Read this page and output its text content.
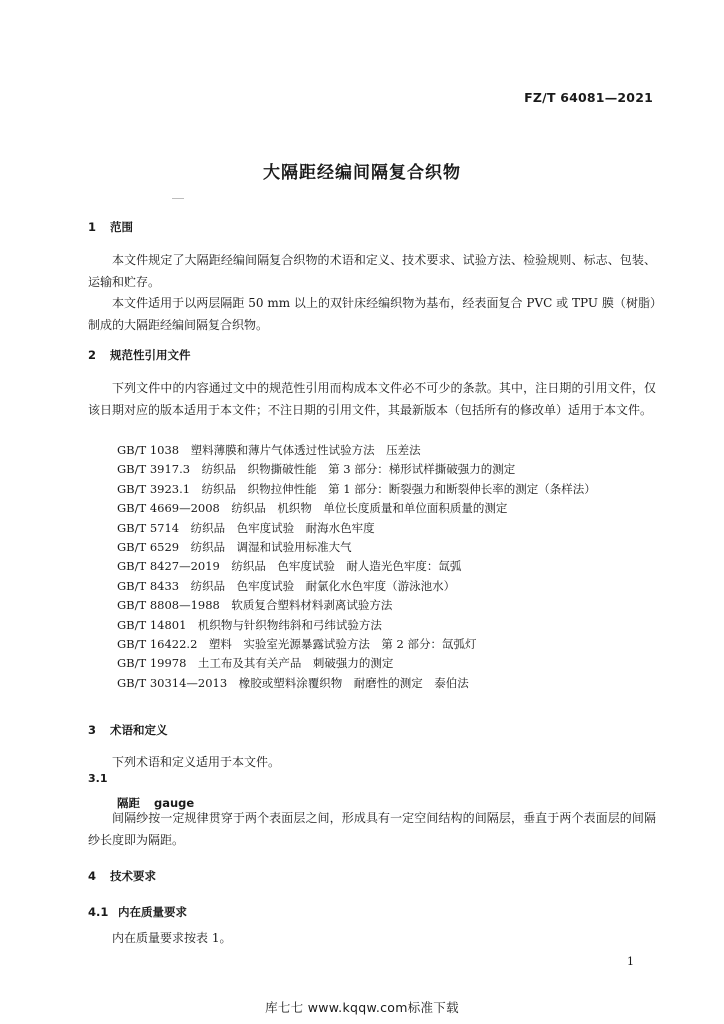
FZ/T 64081—2021
大隔距经编间隔复合织物
1 范围
本文件规定了大隔距经编间隔复合织物的术语和定义、技术要求、试验方法、检验规则、标志、包装、运输和贮存。
本文件适用于以两层隔距 50 mm 以上的双针床经编织物为基布，经表面复合 PVC 或 TPU 膜（树脂）制成的大隔距经编间隔复合织物。
2 规范性引用文件
下列文件中的内容通过文中的规范性引用而构成本文件必不可少的条款。其中，注日期的引用文件，仅该日期对应的版本适用于本文件；不注日期的引用文件，其最新版本（包括所有的修改单）适用于本文件。
GB/T 1038　 塑料薄膜和薄片气体透过性试验方法　压差法
GB/T 3917.3　 纺织品　织物撕破性能　第 3 部分：梯形试样撕破强力的测定
GB/T 3923.1　 纺织品　织物拉伸性能　第 1 部分：断裂强力和断裂伸长率的测定（条样法）
GB/T 4669—2008　 纺织品　机织物　单位长度质量和单位面积质量的测定
GB/T 5714　 纺织品　色牢度试验　耐海水色牢度
GB/T 6529　 纺织品　调湿和试验用标准大气
GB/T 8427—2019　 纺织品　色牢度试验　耐人造光色牢度：氙弧
GB/T 8433　 纺织品　色牢度试验　耐氯化水色牢度（游泳池水）
GB/T 8808—1988　 软质复合塑料材料剥离试验方法
GB/T 14801　 机织物与针织物纬斜和弓纬试验方法
GB/T 16422.2　 塑料　实验室光源暴露试验方法　第 2 部分：氙弧灯
GB/T 19978　 土工布及其有关产品　刺破强力的测定
GB/T 30314—2013　 橡胶或塑料涂覆织物　耐磨性的测定　泰伯法
3 术语和定义
下列术语和定义适用于本文件。
3.1
隔距 gauge
间隔纱按一定规律贯穿于两个表面层之间，形成具有一定空间结构的间隔层，垂直于两个表面层的间隔纱长度即为隔距。
4 技术要求
4.1 内在质量要求
内在质量要求按表 1。
1
库七七 www.kqqw.com标准下载
